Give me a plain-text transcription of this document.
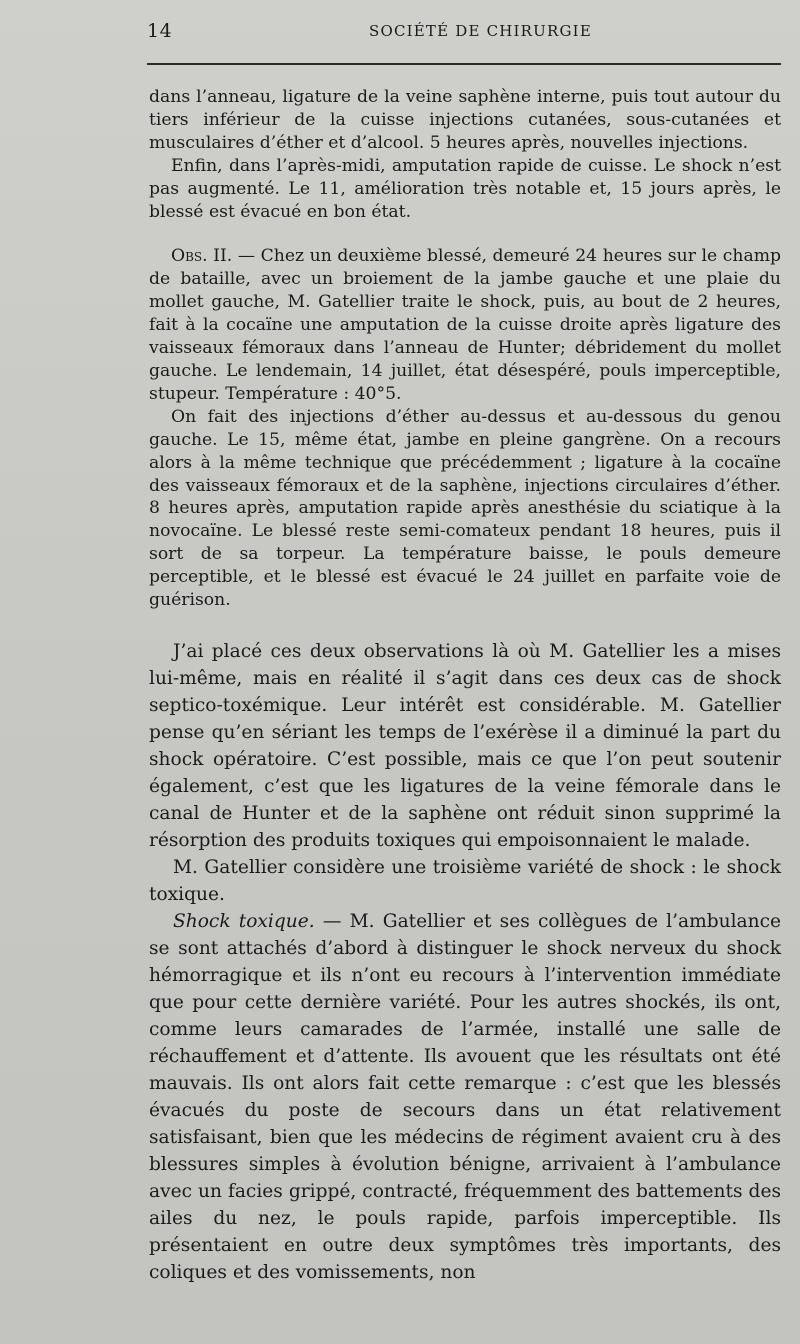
14	SOCIÉTÉ DE CHIRURGIE

dans l’anneau, ligature de la veine saphène interne, puis tout autour du tiers inférieur de la cuisse injections cutanées, sous-cutanées et musculaires d’éther et d’alcool. 5 heures après, nouvelles injections.

Enfin, dans l’après-midi, amputation rapide de cuisse. Le shock n’est pas augmenté. Le 11, amélioration très notable et, 15 jours après, le blessé est évacué en bon état.

Obs. II. — Chez un deuxième blessé, demeuré 24 heures sur le champ de bataille, avec un broiement de la jambe gauche et une plaie du mollet gauche, M. Gatellier traite le shock, puis, au bout de 2 heures, fait à la cocaïne une amputation de la cuisse droite après ligature des vaisseaux fémoraux dans l’anneau de Hunter; débridement du mollet gauche. Le lendemain, 14 juillet, état désespéré, pouls imperceptible, stupeur. Température : 40°5.

On fait des injections d’éther au-dessus et au-dessous du genou gauche. Le 15, même état, jambe en pleine gangrène. On a recours alors à la même technique que précédemment ; ligature à la cocaïne des vaisseaux fémoraux et de la saphène, injections circulaires d’éther. 8 heures après, amputation rapide après anesthésie du sciatique à la novocaïne. Le blessé reste semi-comateux pendant 18 heures, puis il sort de sa torpeur. La température baisse, le pouls demeure perceptible, et le blessé est évacué le 24 juillet en parfaite voie de guérison.

J’ai placé ces deux observations là où M. Gatellier les a mises lui-même, mais en réalité il s’agit dans ces deux cas de shock septico-toxémique. Leur intérêt est considérable. M. Gatellier pense qu’en sériant les temps de l’exérèse il a diminué la part du shock opératoire. C’est possible, mais ce que l’on peut soutenir également, c’est que les ligatures de la veine fémorale dans le canal de Hunter et de la saphène ont réduit sinon supprimé la résorption des produits toxiques qui empoisonnaient le malade.

M. Gatellier considère une troisième variété de shock : le shock toxique.

Shock toxique. — M. Gatellier et ses collègues de l’ambulance se sont attachés d’abord à distinguer le shock nerveux du shock hémorragique et ils n’ont eu recours à l’intervention immédiate que pour cette dernière variété. Pour les autres shockés, ils ont, comme leurs camarades de l’armée, installé une salle de réchauffement et d’attente. Ils avouent que les résultats ont été mauvais. Ils ont alors fait cette remarque : c’est que les blessés évacués du poste de secours dans un état relativement satisfaisant, bien que les médecins de régiment avaient cru à des blessures simples à évolution bénigne, arrivaient à l’ambulance avec un facies grippé, contracté, fréquemment des battements des ailes du nez, le pouls rapide, parfois imperceptible. Ils présentaient en outre deux symptômes très importants, des coliques et des vomissements, non
